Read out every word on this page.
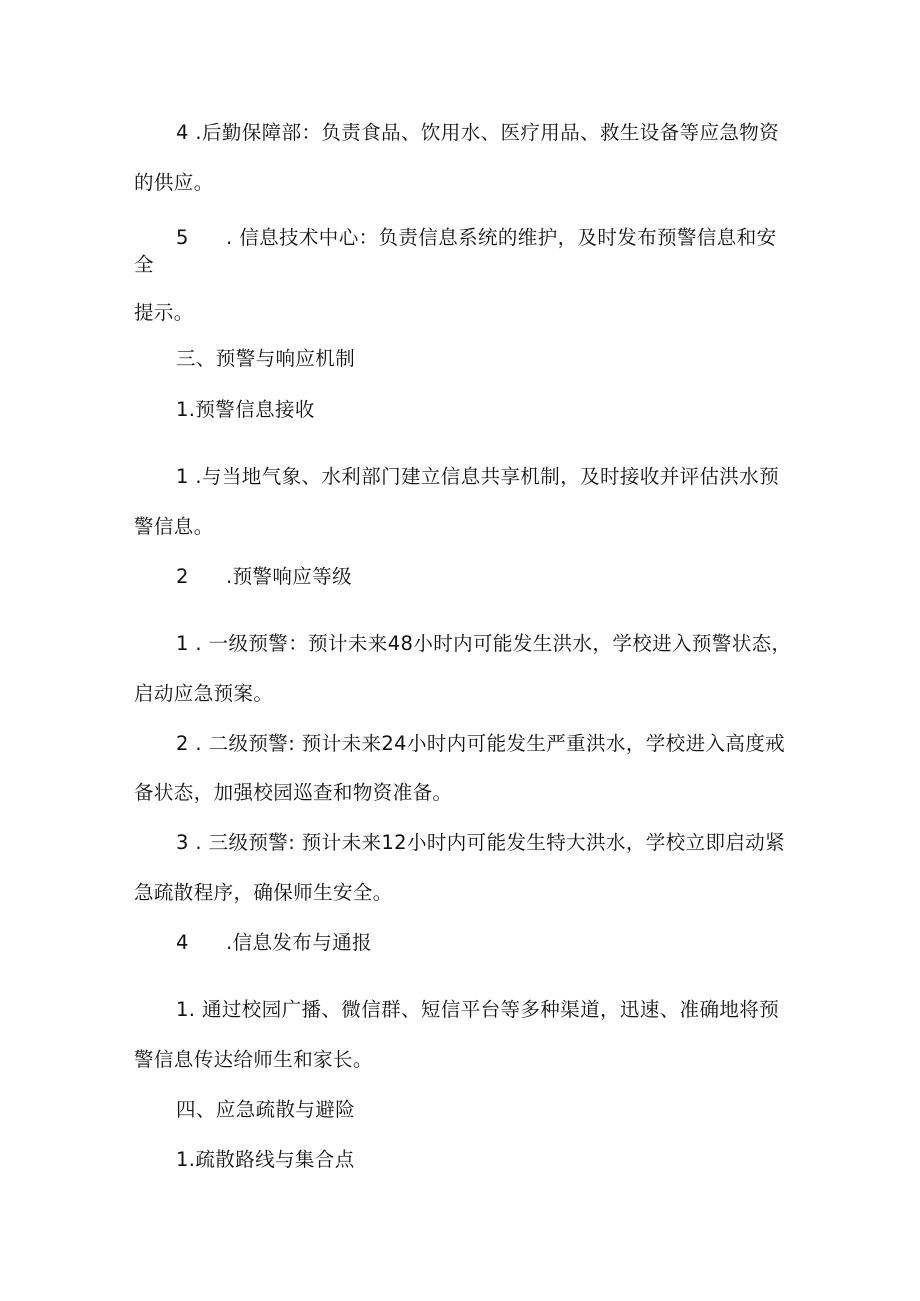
4 .后勤保障部：负责食品、饮用水、医疗用品、救生设备等应急物资
的供应。
5 . 信息技术中心：负责信息系统的维护，及时发布预警信息和安
全
提示。
三、预警与响应机制
1.预警信息接收
1 .与当地气象、水利部门建立信息共享机制，及时接收并评估洪水预
警信息。
2 .预警响应等级
1 . 一级预警：预计未来48小时内可能发生洪水，学校进入预警状态，
启动应急预案。
2 . 二级预警: 预计未来24小时内可能发生严重洪水，学校进入高度戒
备状态，加强校园巡查和物资准备。
3 . 三级预警: 预计未来12小时内可能发生特大洪水，学校立即启动紧
急疏散程序，确保师生安全。
4 .信息发布与通报
1. 通过校园广播、微信群、短信平台等多种渠道，迅速、准确地将预
警信息传达给师生和家长。
四、应急疏散与避险
1.疏散路线与集合点
